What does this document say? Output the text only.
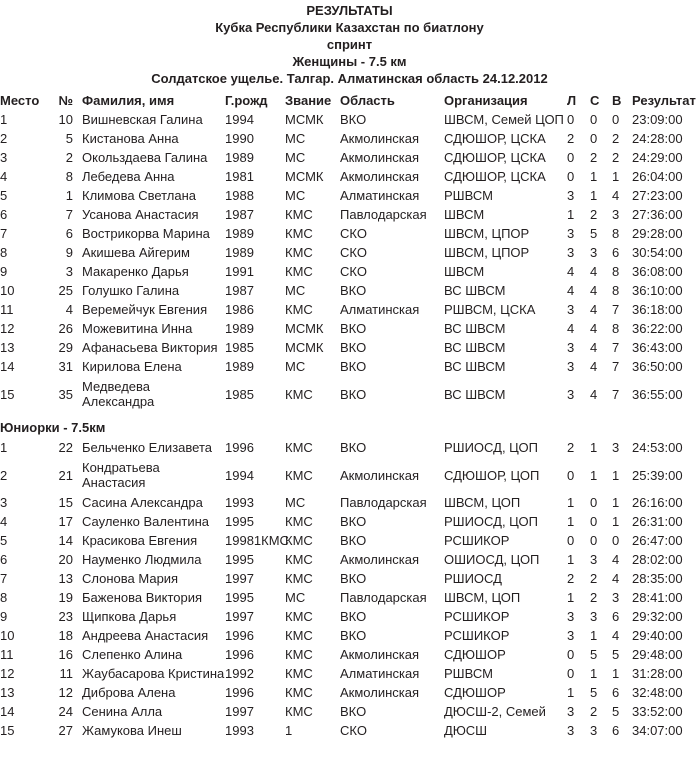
РЕЗУЛЬТАТЫ
Кубка Республики Казахстан по биатлону
спринт
Женщины - 7.5 км
Солдатское ущелье. Талгар. Алматинская область 24.12.2012
Место	№	Фамилия, имя	Г.рожд	Звание	Область	Организация	Л	С	В	Результат
1	10	Вишневская Галина	1994	МСМК	ВКО	ШВСМ, Семей ЦОП	0	0	0	23:09:00
2	5	Кистанова Анна	1990	МС	Акмолинская	СДЮШОР, ЦСКА	2	0	2	24:28:00
3	2	Окольздаева Галина	1989	МС	Акмолинская	СДЮШОР, ЦСКА	0	2	2	24:29:00
4	8	Лебедева Анна	1981	МСМК	Акмолинская	СДЮШОР, ЦСКА	0	1	1	26:04:00
5	1	Климова Светлана	1988	МС	Алматинская	РШВСМ	3	1	4	27:23:00
6	7	Усанова Анастасия	1987	КМС	Павлодарская	ШВСМ	1	2	3	27:36:00
7	6	Вострикорва Марина	1989	КМС	СКО	ШВСМ, ЦПОР	3	5	8	29:28:00
8	9	Акишева Айгерим	1989	КМС	СКО	ШВСМ, ЦПОР	3	3	6	30:54:00
9	3	Макаренко Дарья	1991	КМС	СКО	ШВСМ	4	4	8	36:08:00
10	25	Голушко Галина	1987	МС	ВКО	ВС ШВСМ	4	4	8	36:10:00
11	4	Веремейчук Евгения	1986	КМС	Алматинская	РШВСМ, ЦСКА	3	4	7	36:18:00
12	26	Можевитина Инна	1989	МСМК	ВКО	ВС ШВСМ	4	4	8	36:22:00
13	29	Афанасьева Виктория	1985	МСМК	ВКО	ВС ШВСМ	3	4	7	36:43:00
14	31	Кирилова Елена	1989	МС	ВКО	ВС ШВСМ	3	4	7	36:50:00
15	35	Медведева Александра	1985	КМС	ВКО	ВС ШВСМ	3	4	7	36:55:00
Юниорки - 7.5км										
1	22	Бельченко Елизавета	1996	КМС	ВКО	РШИОСД, ЦОП	2	1	3	24:53:00
2	21	Кондратьева Анастасия	1994	КМС	Акмолинская	СДЮШОР, ЦОП	0	1	1	25:39:00
3	15	Сасина Александра	1993	МС	Павлодарская	ШВСМ, ЦОП	1	0	1	26:16:00
4	17	Сауленко Валентина	1995	КМС	ВКО	РШИОСД, ЦОП	1	0	1	26:31:00
5	14	Красикова Евгения	19981КМС	КМС	ВКО	РСШИКОР	0	0	0	26:47:00
6	20	Науменко Людмила	1995	КМС	Акмолинская	ОШИОСД, ЦОП	1	3	4	28:02:00
7	13	Слонова Мария	1997	КМС	ВКО	РШИОСД	2	2	4	28:35:00
8	19	Баженова Виктория	1995	МС	Павлодарская	ШВСМ, ЦОП	1	2	3	28:41:00
9	23	Щипкова Дарья	1997	КМС	ВКО	РСШИКОР	3	3	6	29:32:00
10	18	Андреева Анастасия	1996	КМС	ВКО	РСШИКОР	3	1	4	29:40:00
11	16	Слепенко Алина	1996	КМС	Акмолинская	СДЮШОР	0	5	5	29:48:00
12	11	Жаубасарова Кристина	1992	КМС	Алматинская	РШВСМ	0	1	1	31:28:00
13	12	Диброва Алена	1996	КМС	Акмолинская	СДЮШОР	1	5	6	32:48:00
14	24	Сенина Алла	1997	КМС	ВКО	ДЮСШ-2, Семей	3	2	5	33:52:00
15	27	Жамукова Инеш	1993	1	СКО	ДЮСШ	3	3	6	34:07:00
